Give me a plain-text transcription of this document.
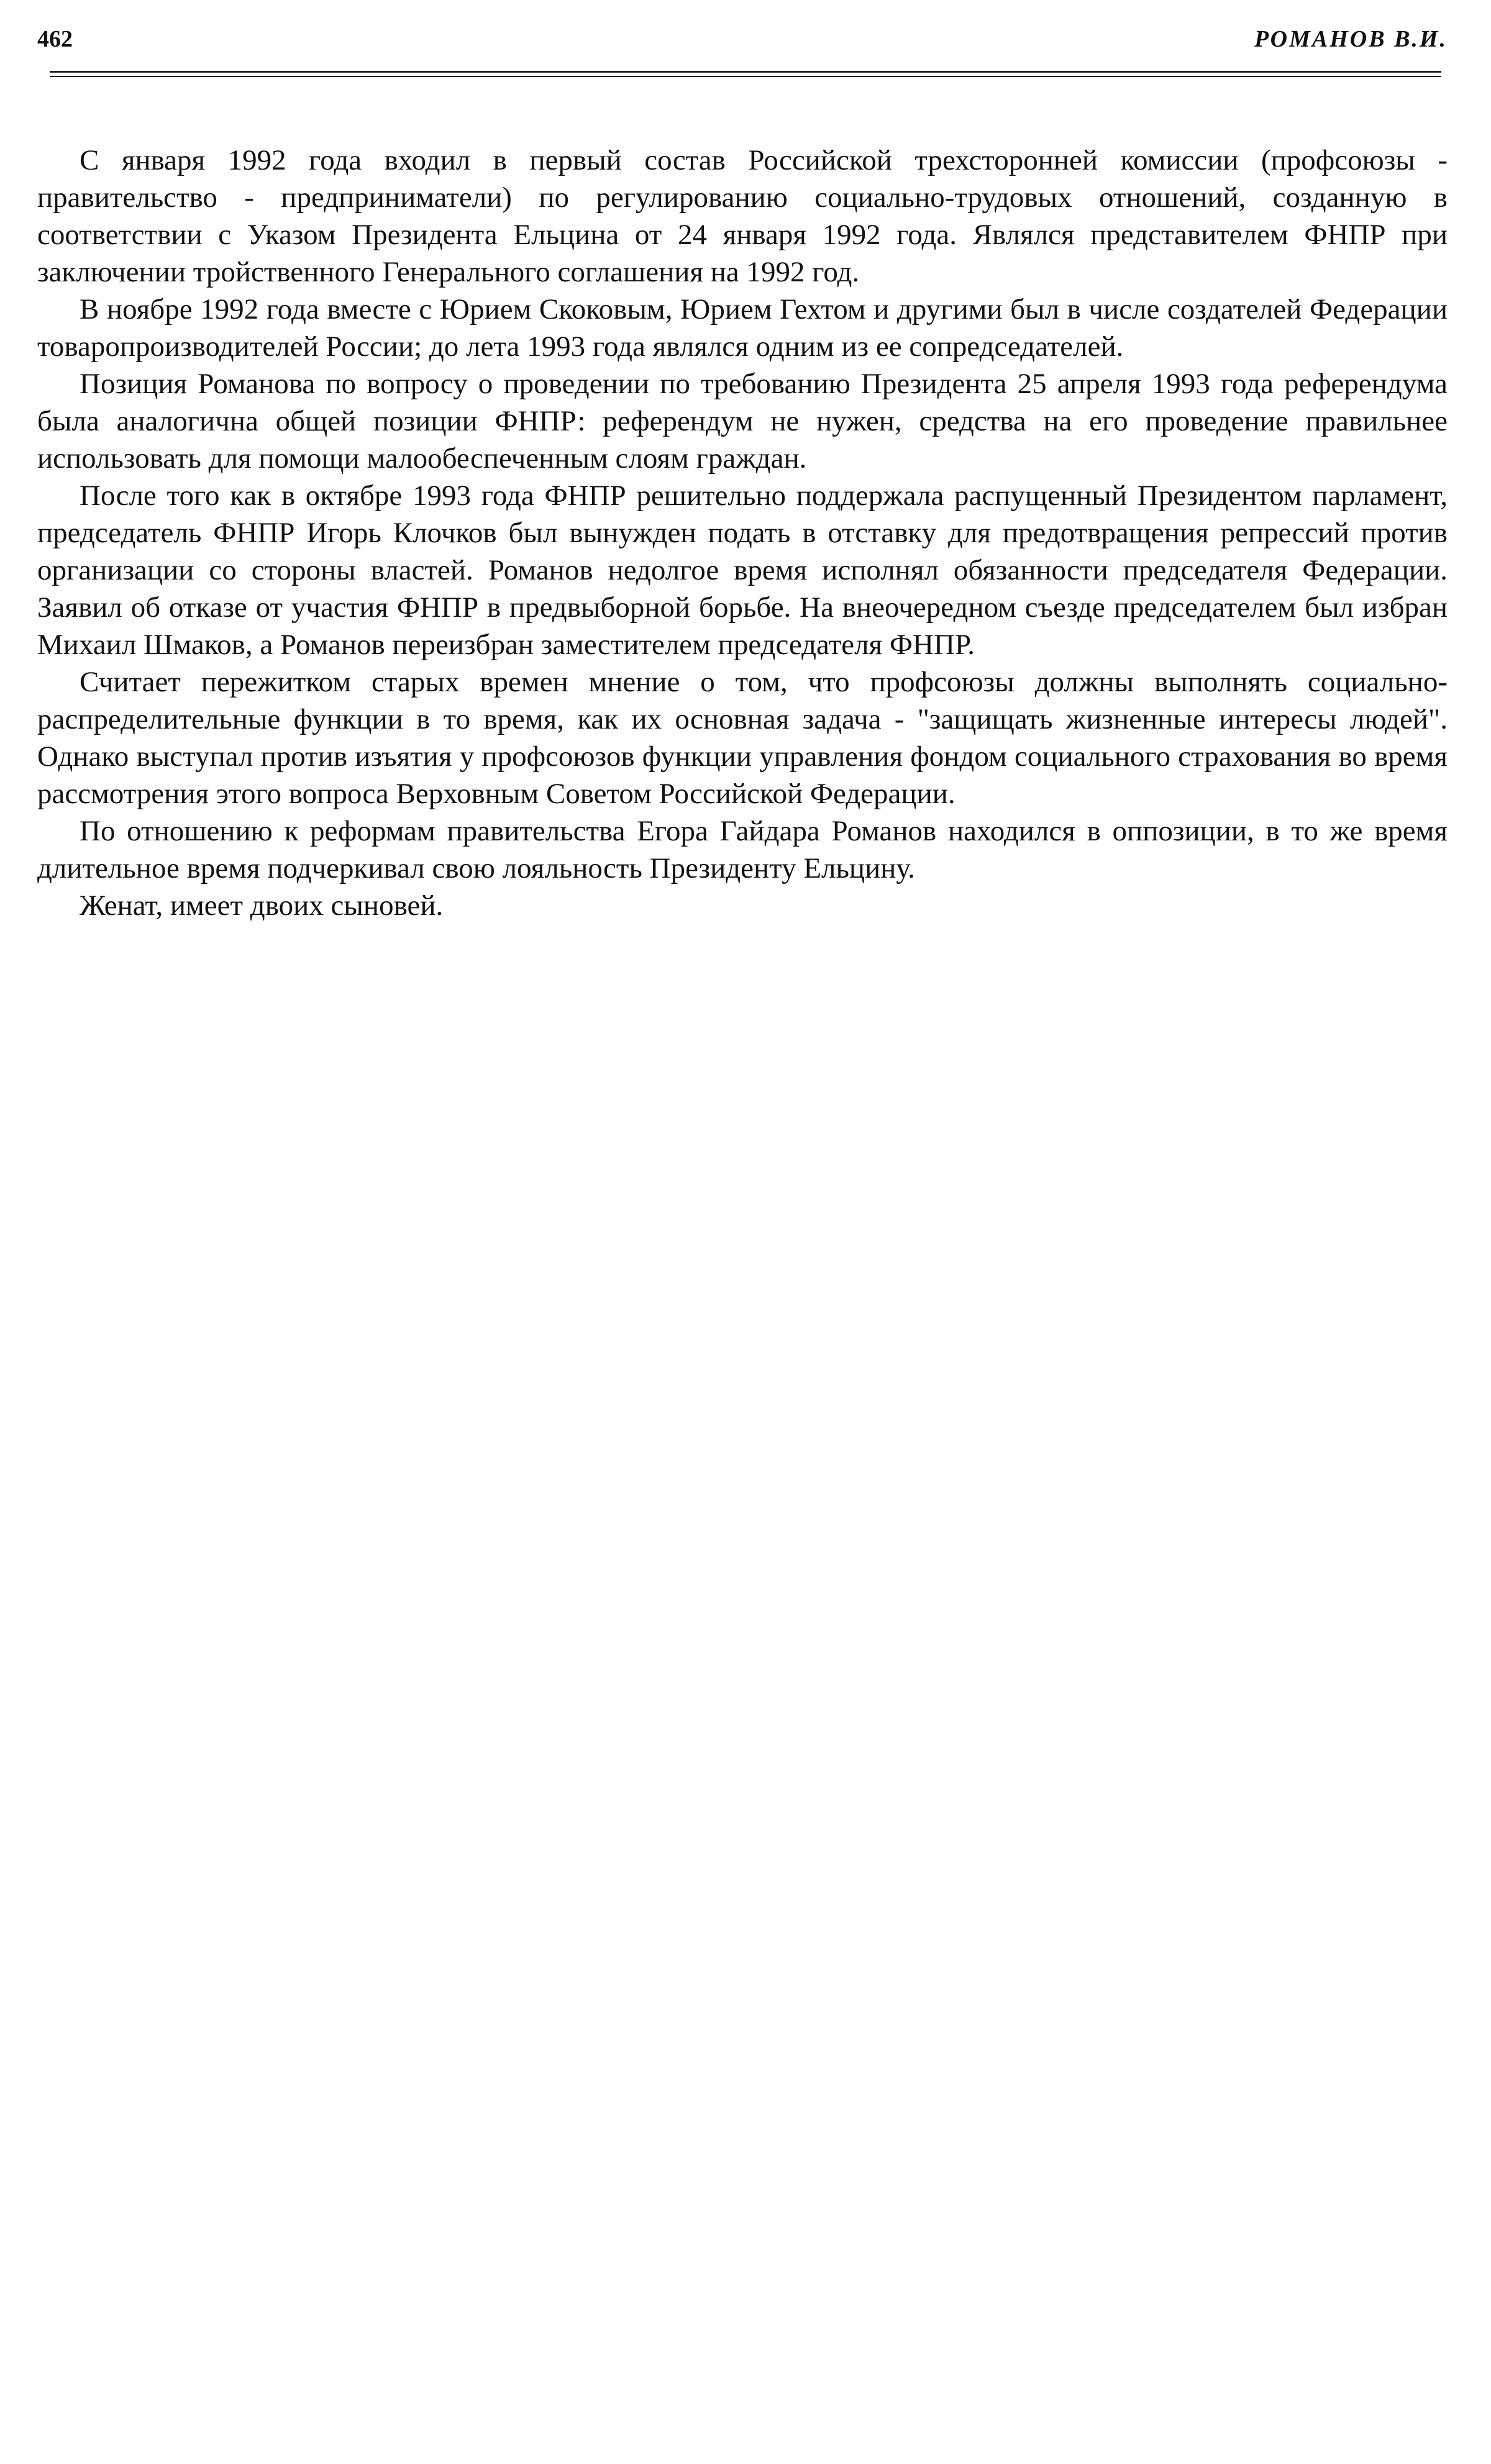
462	РОМАНОВ В.И.

С января 1992 года входил в первый состав Российской трехсторонней комиссии (профсоюзы - правительство - предприниматели) по регулированию социально-трудовых отношений, созданную в соответствии с Указом Президента Ельцина от 24 января 1992 года. Являлся представителем ФНПР при заключении тройственного Генерального соглашения на 1992 год.

В ноябре 1992 года вместе с Юрием Скоковым, Юрием Гехтом и другими был в числе создателей Федерации товаропроизводителей России; до лета 1993 года являлся одним из ее сопредседателей.

Позиция Романова по вопросу о проведении по требованию Президента 25 апреля 1993 года референдума была аналогична общей позиции ФНПР: референдум не нужен, средства на его проведение правильнее использовать для помощи малообеспеченным слоям граждан.

После того как в октябре 1993 года ФНПР решительно поддержала распущенный Президентом парламент, председатель ФНПР Игорь Клочков был вынужден подать в отставку для предотвращения репрессий против организации со стороны властей. Романов недолгое время исполнял обязанности председателя Федерации. Заявил об отказе от участия ФНПР в предвыборной борьбе. На внеочередном съезде председателем был избран Михаил Шмаков, а Романов переизбран заместителем председателя ФНПР.

Считает пережитком старых времен мнение о том, что профсоюзы должны выполнять социально-распределительные функции в то время, как их основная задача - "защищать жизненные интересы людей". Однако выступал против изъятия у профсоюзов функции управления фондом социального страхования во время рассмотрения этого вопроса Верховным Советом Российской Федерации.

По отношению к реформам правительства Егора Гайдара Романов находился в оппозиции, в то же время длительное время подчеркивал свою лояльность Президенту Ельцину.

Женат, имеет двоих сыновей.
